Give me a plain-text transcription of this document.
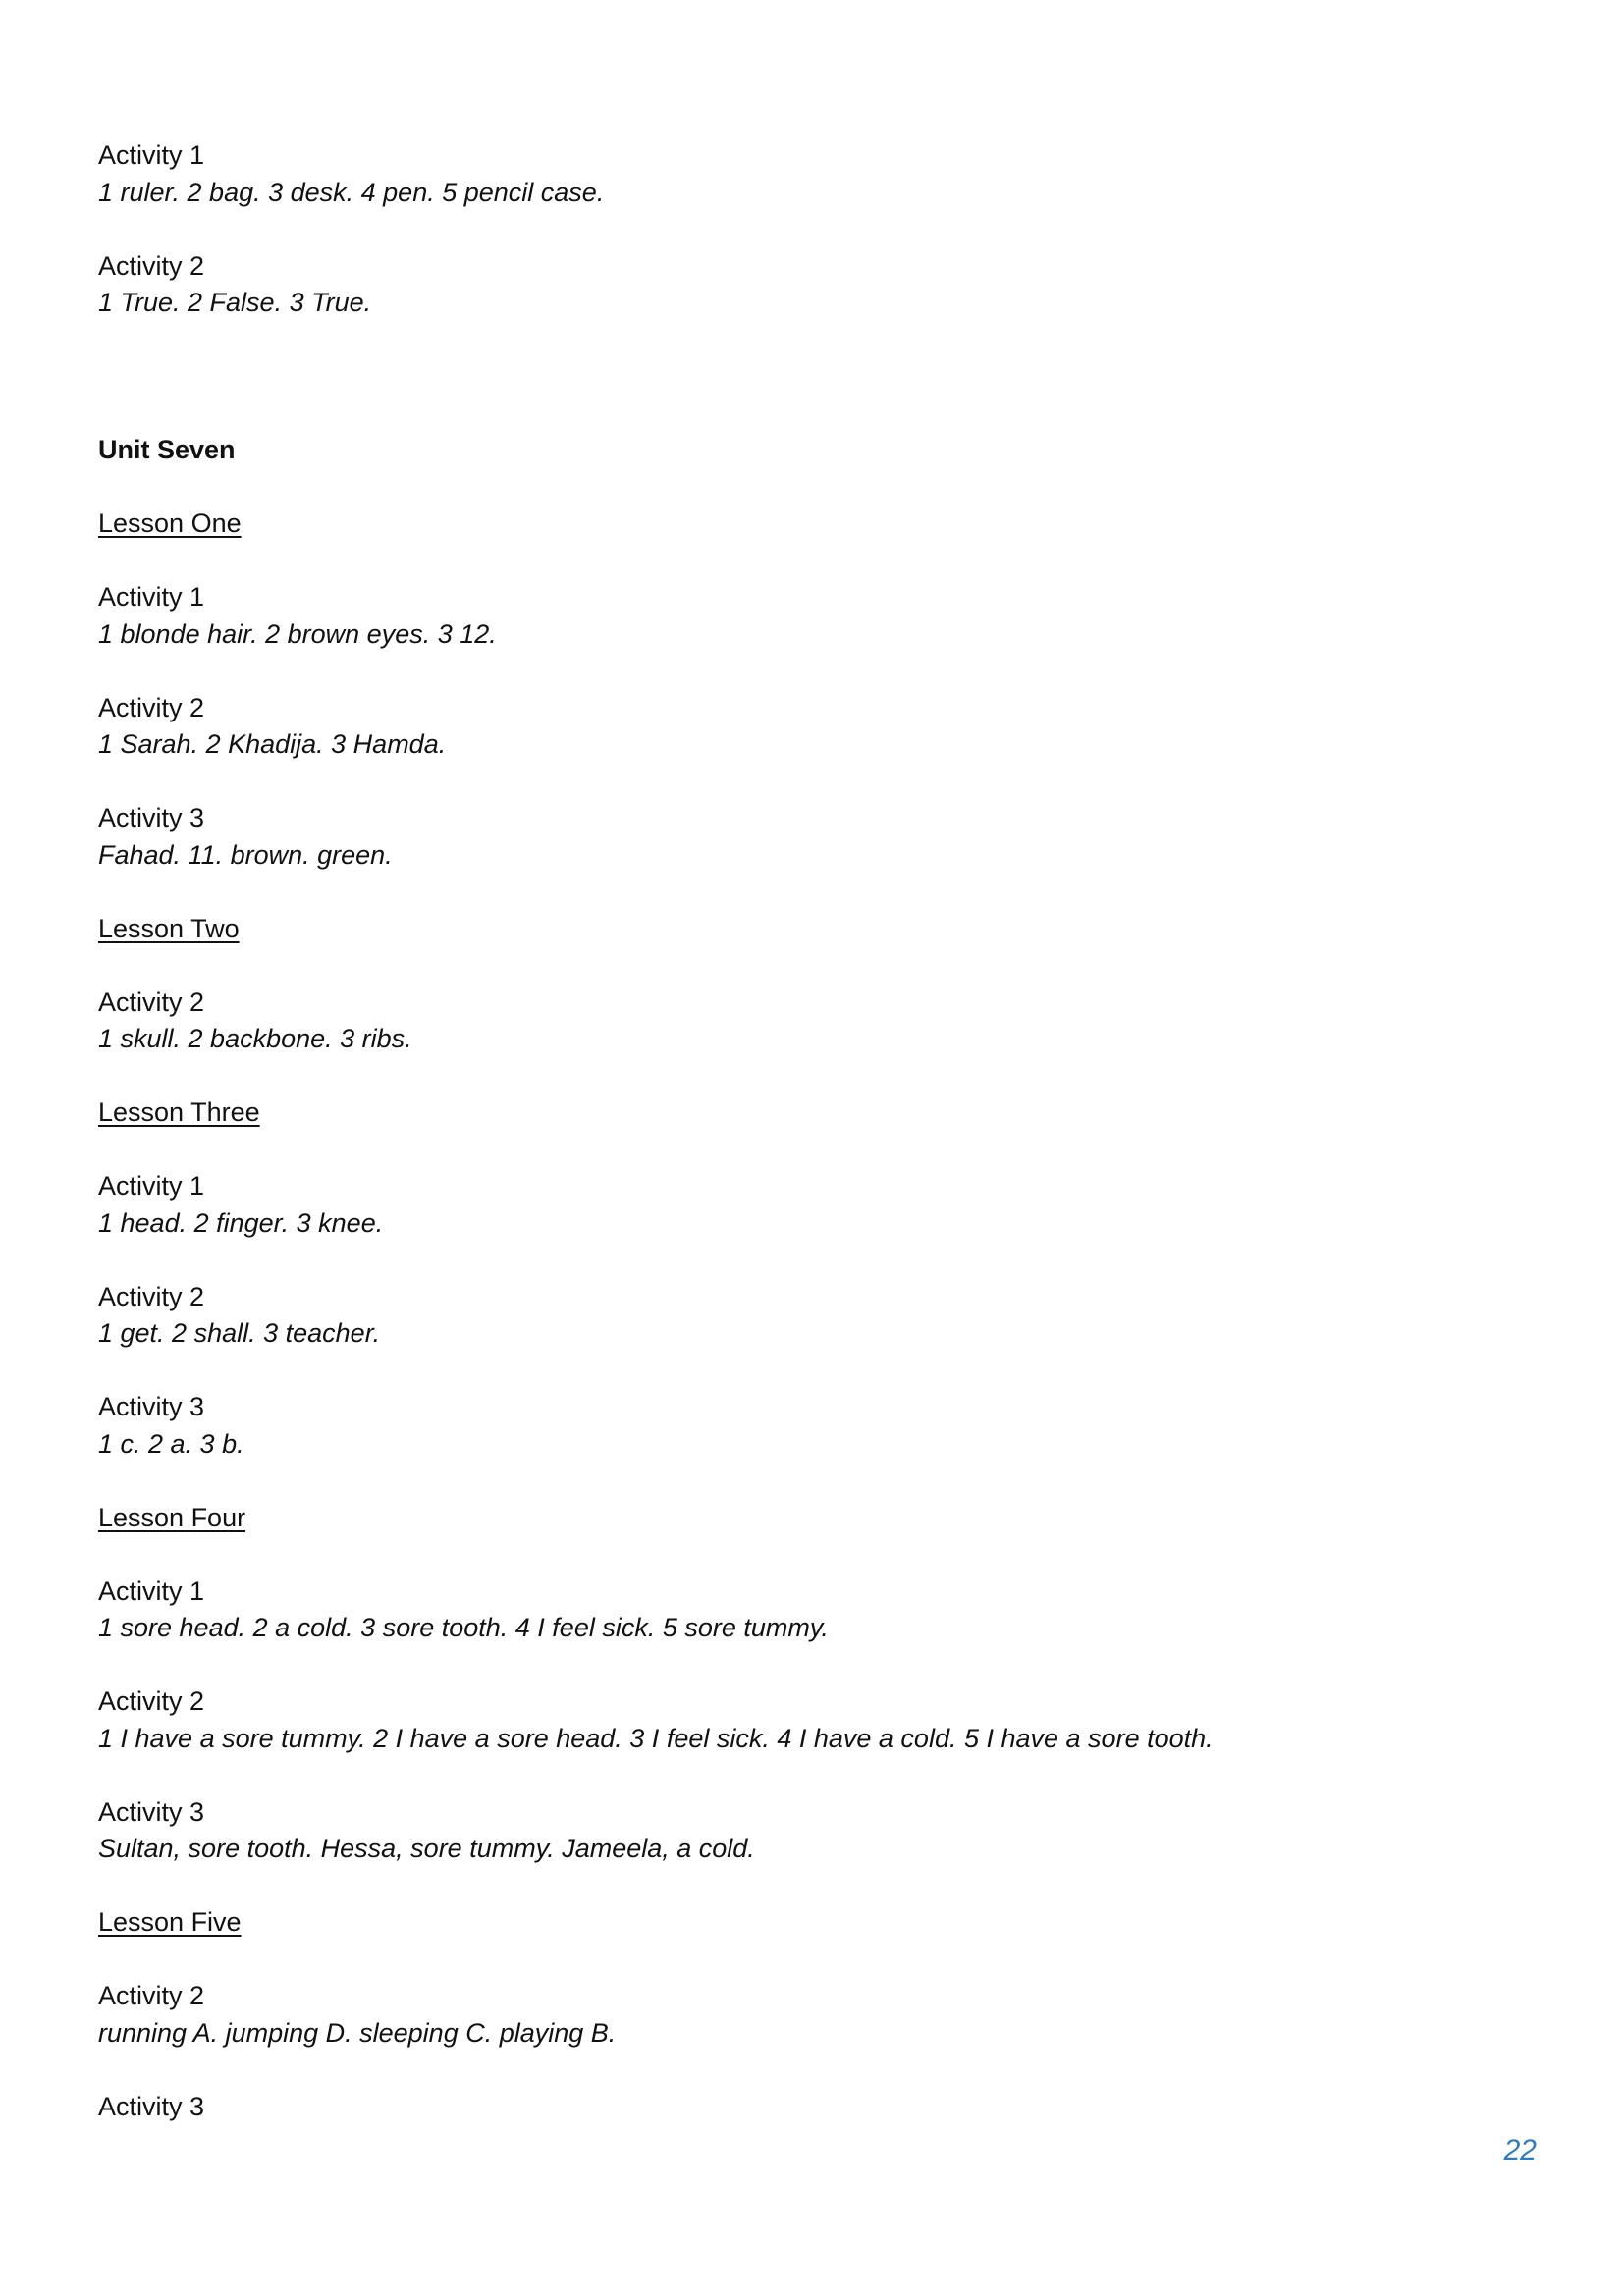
Activity 1
1 ruler. 2 bag. 3 desk. 4 pen. 5 pencil case.
Activity 2
1 True. 2 False. 3 True.
Unit Seven
Lesson One
Activity 1
1 blonde hair. 2 brown eyes. 3 12.
Activity 2
1 Sarah. 2 Khadija. 3 Hamda.
Activity 3
Fahad. 11. brown. green.
Lesson Two
Activity 2
1 skull. 2 backbone. 3 ribs.
Lesson Three
Activity 1
1 head. 2 finger. 3 knee.
Activity 2
1 get. 2 shall. 3 teacher.
Activity 3
1 c. 2 a. 3 b.
Lesson Four
Activity 1
1 sore head. 2 a cold. 3 sore tooth. 4 I feel sick. 5 sore tummy.
Activity 2
1 I have a sore tummy. 2 I have a sore head. 3 I feel sick. 4 I have a cold. 5 I have a sore tooth.
Activity 3
Sultan, sore tooth. Hessa, sore tummy. Jameela, a cold.
Lesson Five
Activity 2
running A. jumping D. sleeping C. playing B.
Activity 3
22
